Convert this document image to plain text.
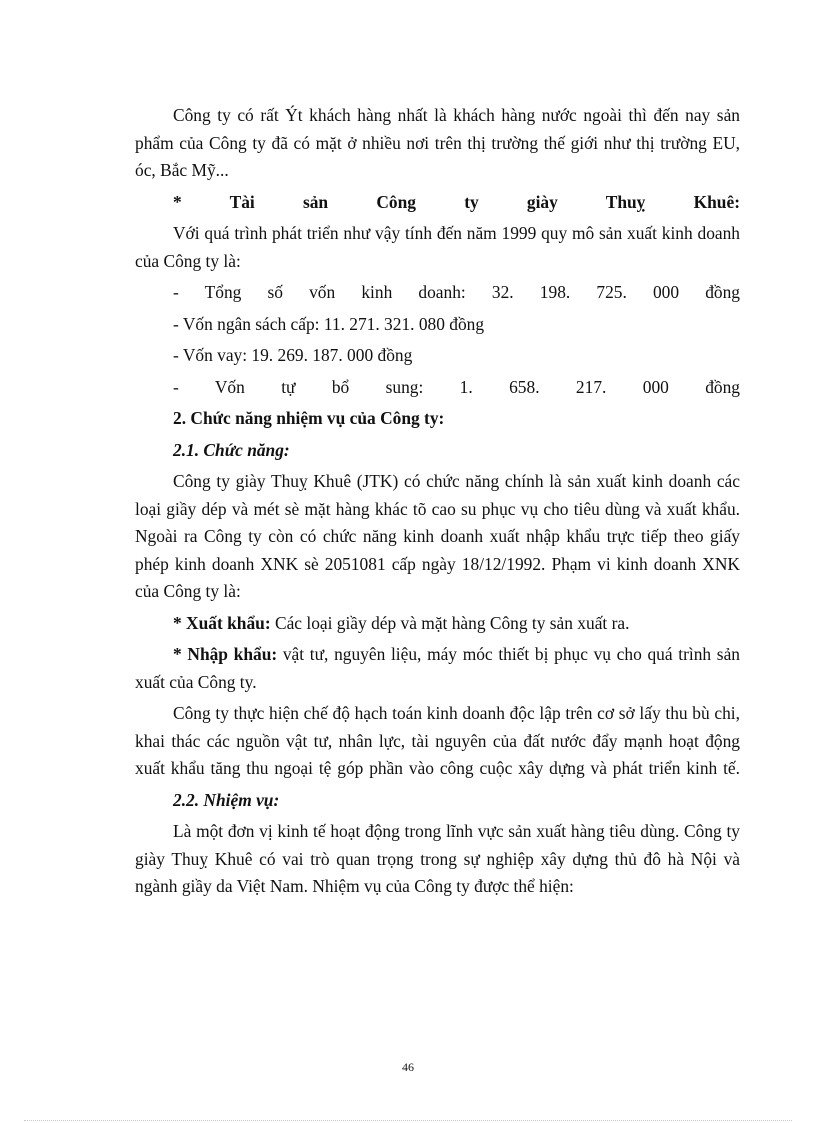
Công ty có rất Ýt khách hàng nhất là khách hàng nước ngoài thì đến nay sản phẩm của Công ty đã có mặt ở nhiều nơi trên thị trường thế giới như thị trường EU, óc, Bắc Mỹ...

* Tài sản Công ty giày Thuỵ Khuê:

Với quá trình phát triển như vậy tính đến năm 1999 quy mô sản xuất kinh doanh của Công ty là:

- Tổng số vốn kinh doanh: 32. 198. 725. 000 đồng

- Vốn ngân sách cấp: 11. 271. 321. 080 đồng

- Vốn vay: 19. 269. 187. 000 đồng

- Vốn tự bổ sung: 1. 658. 217. 000 đồng

2. Chức năng nhiệm vụ của Công ty:

2.1. Chức năng:

Công ty giày Thuỵ Khuê (JTK) có chức năng chính là sản xuất kinh doanh các loại giầy dép và mét sè mặt hàng khác tõ cao su phục vụ cho tiêu dùng và xuất khẩu. Ngoài ra Công ty còn có chức năng kinh doanh xuất nhập khẩu trực tiếp theo giấy phép kinh doanh XNK sè 2051081 cấp ngày 18/12/1992. Phạm vi kinh doanh XNK của Công ty là:

* Xuất khẩu: Các loại giầy dép và mặt hàng Công ty sản xuất ra.

* Nhập khẩu: vật tư, nguyên liệu, máy móc thiết bị phục vụ cho quá trình sản xuất của Công ty.

Công ty thực hiện chế độ hạch toán kinh doanh độc lập trên cơ sở lấy thu bù chi, khai thác các nguồn vật tư, nhân lực, tài nguyên của đất nước đẩy mạnh hoạt động xuất khẩu tăng thu ngoại tệ góp phần vào công cuộc xây dựng và phát triển kinh tế.

2.2. Nhiệm vụ:

Là một đơn vị kinh tế hoạt động trong lĩnh vực sản xuất hàng tiêu dùng. Công ty giày Thuỵ Khuê có vai trò quan trọng trong sự nghiệp xây dựng thủ đô hà Nội và ngành giầy da Việt Nam. Nhiệm vụ của Công ty được thể hiện:

46
